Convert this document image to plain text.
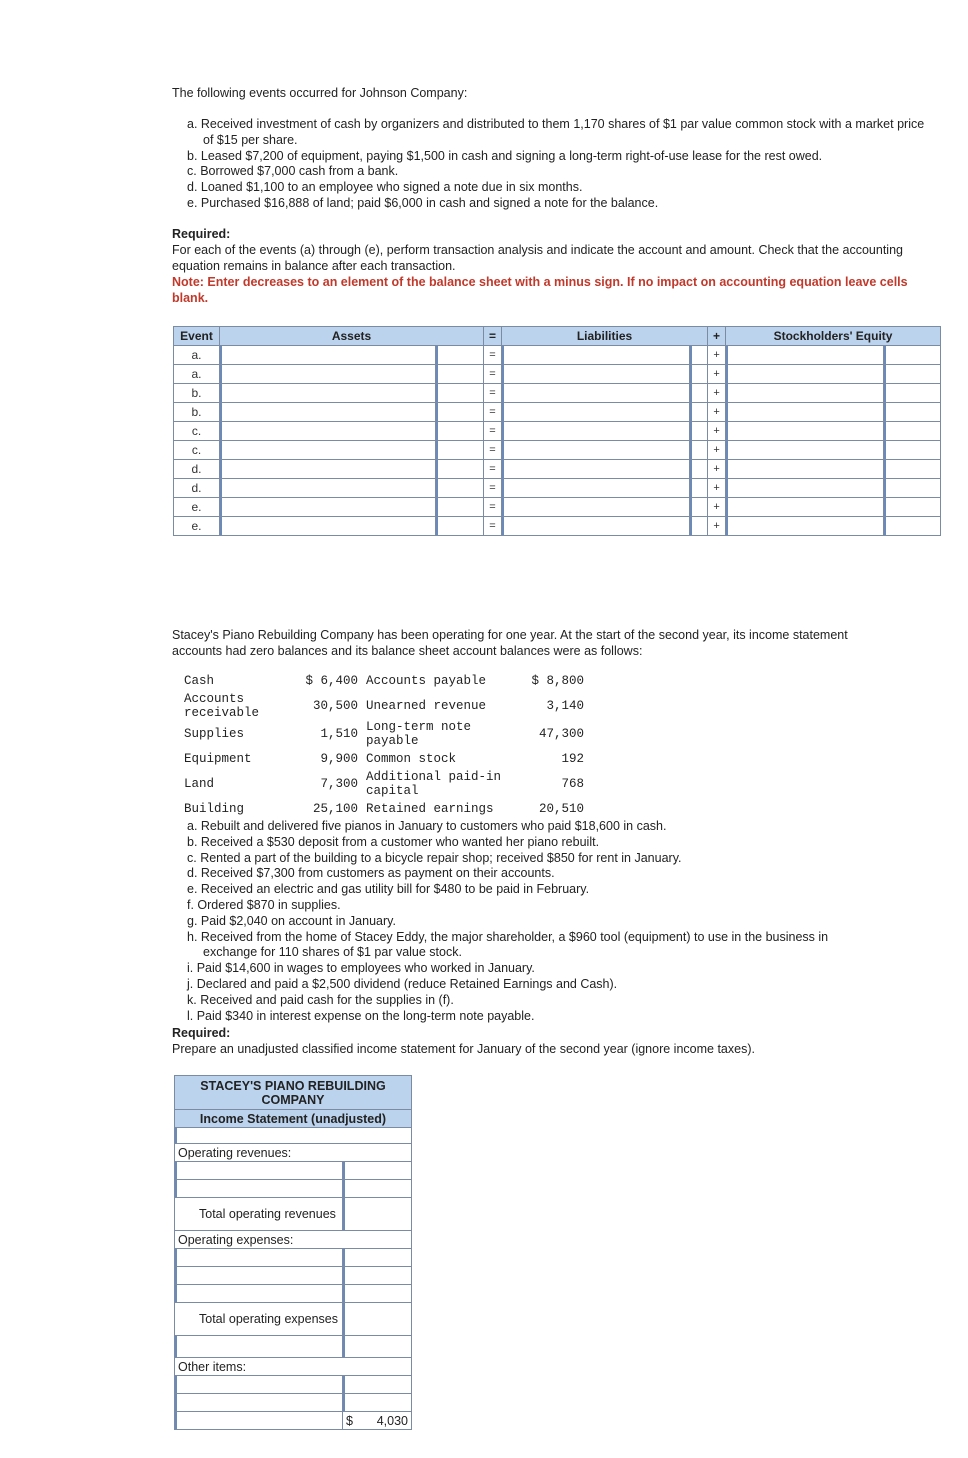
The following events occurred for Johnson Company:
a. Received investment of cash by organizers and distributed to them 1,170 shares of $1 par value common stock with a market price of $15 per share.
b. Leased $7,200 of equipment, paying $1,500 in cash and signing a long-term right-of-use lease for the rest owed.
c. Borrowed $7,000 cash from a bank.
d. Loaned $1,100 to an employee who signed a note due in six months.
e. Purchased $16,888 of land; paid $6,000 in cash and signed a note for the balance.
Required:
For each of the events (a) through (e), perform transaction analysis and indicate the account and amount. Check that the accounting equation remains in balance after each transaction.
Note: Enter decreases to an element of the balance sheet with a minus sign. If no impact on accounting equation leave cells blank.
Event	Assets		=	Liabilities		+	Stockholders' Equity	
a.			=			+	

a.			=			+	

b.			=			+	

b.			=			+	

c.			=			+	

c.			=			+	

d.			=			+	

d.			=			+	

e.			=			+	

e.			=			+	

Stacey's Piano Rebuilding Company has been operating for one year. At the start of the second year, its income statement accounts had zero balances and its balance sheet account balances were as follows:
Cash	$ 6,400	Accounts payable	$ 8,800
Accounts receivable	30,500	Unearned revenue	3,140
Supplies	1,510	Long-term note payable	47,300
Equipment	9,900	Common stock	192
Land	7,300	Additional paid-in capital	768
Building	25,100	Retained earnings	20,510
a. Rebuilt and delivered five pianos in January to customers who paid $18,600 in cash.
b. Received a $530 deposit from a customer who wanted her piano rebuilt.
c. Rented a part of the building to a bicycle repair shop; received $850 for rent in January.
d. Received $7,300 from customers as payment on their accounts.
e. Received an electric and gas utility bill for $480 to be paid in February.
f. Ordered $870 in supplies.
g. Paid $2,040 on account in January.
h. Received from the home of Stacey Eddy, the major shareholder, a $960 tool (equipment) to use in the business in exchange for 110 shares of $1 par value stock.
i. Paid $14,600 in wages to employees who worked in January.
j. Declared and paid a $2,500 dividend (reduce Retained Earnings and Cash).
k. Received and paid cash for the supplies in (f).
l. Paid $340 in interest expense on the long-term note payable.
Required:
Prepare an unadjusted classified income statement for January of the second year (ignore income taxes).
STACEY'S PIANO REBUILDING COMPANY	
Income Statement (unadjusted)	

Operating revenues:	

Total operating revenues	

Operating expenses:	

Total operating expenses	

Other items:	

	$ 4,030
